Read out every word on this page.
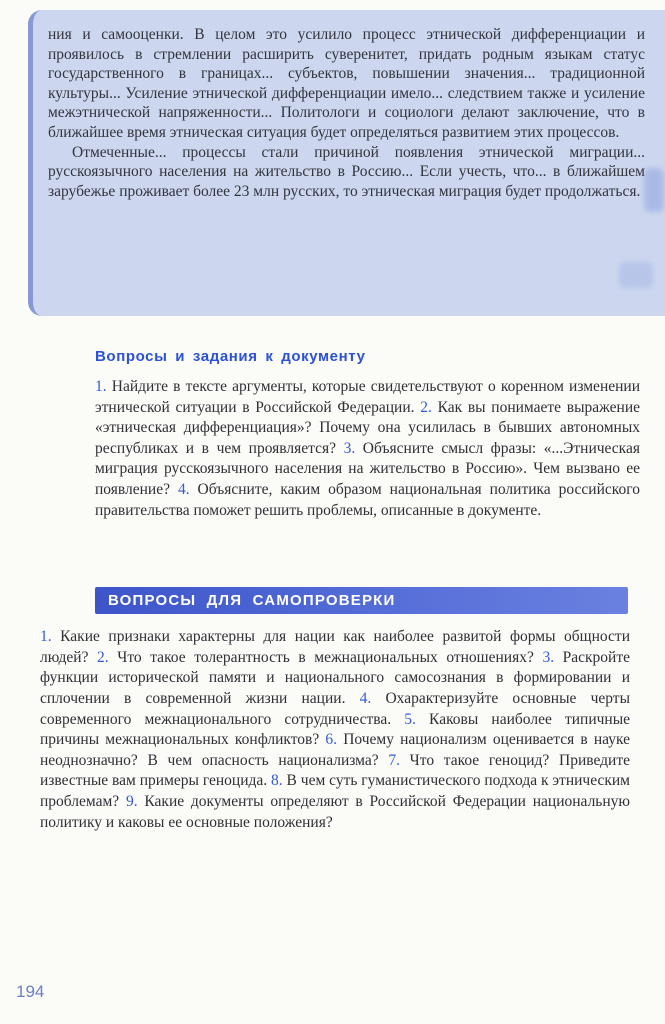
ния и самооценки. В целом это усилило процесс этнической дифференциации и проявилось в стремлении расширить суверенитет, придать родным языкам статус государственного в границах... субъектов, повышении значения... традиционной культуры... Усиление этнической дифференциации имело... следствием также и усиление межэтнической напряженности... Политологи и социологи делают заключение, что в ближайшее время этническая ситуация будет определяться развитием этих процессов.

Отмеченные... процессы стали причиной появления этнической миграции... русскоязычного населения на жительство в Россию... Если учесть, что... в ближайшем зарубежье проживает более 23 млн русских, то этническая миграция будет продолжаться.

Вопросы и задания к документу

1. Найдите в тексте аргументы, которые свидетельствуют о коренном изменении этнической ситуации в Российской Федерации. 2. Как вы понимаете выражение «этническая дифференциация»? Почему она усилилась в бывших автономных республиках и в чем проявляется? 3. Объясните смысл фразы: «...Этническая миграция русскоязычного населения на жительство в Россию». Чем вызвано ее появление? 4. Объясните, каким образом национальная политика российского правительства поможет решить проблемы, описанные в документе.

ВОПРОСЫ ДЛЯ САМОПРОВЕРКИ

1. Какие признаки характерны для нации как наиболее развитой формы общности людей? 2. Что такое толерантность в межнациональных отношениях? 3. Раскройте функции исторической памяти и национального самосознания в формировании и сплочении в современной жизни нации. 4. Охарактеризуйте основные черты современного межнационального сотрудничества. 5. Каковы наиболее типичные причины межнациональных конфликтов? 6. Почему национализм оценивается в науке неоднозначно? В чем опасность национализма? 7. Что такое геноцид? Приведите известные вам примеры геноцида. 8. В чем суть гуманистического подхода к этническим проблемам? 9. Какие документы определяют в Российской Федерации национальную политику и каковы ее основные положения?

194
